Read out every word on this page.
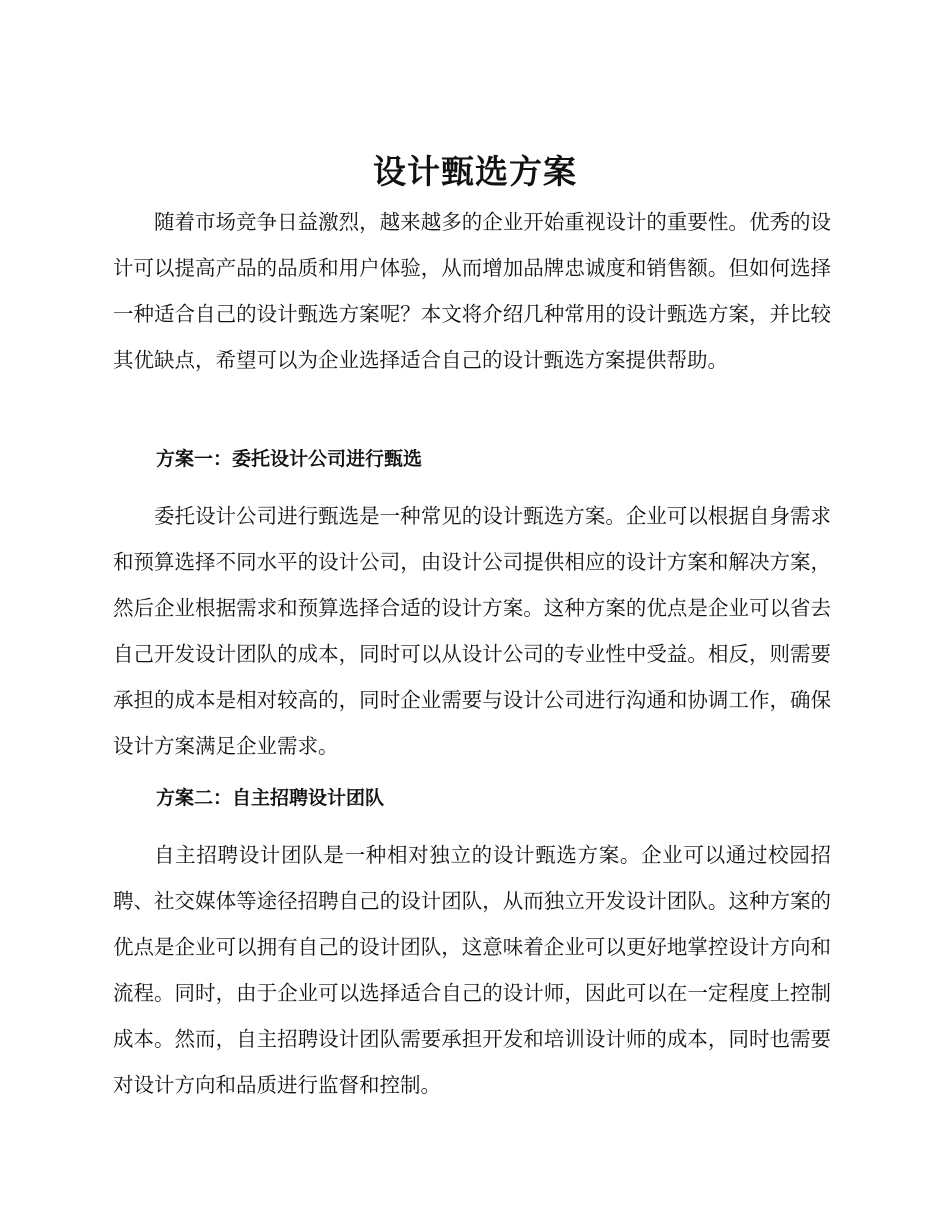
设计甄选方案

随着市场竞争日益激烈，越来越多的企业开始重视设计的重要性。优秀的设计可以提高产品的品质和用户体验，从而增加品牌忠诚度和销售额。但如何选择一种适合自己的设计甄选方案呢？本文将介绍几种常用的设计甄选方案，并比较其优缺点，希望可以为企业选择适合自己的设计甄选方案提供帮助。

方案一：委托设计公司进行甄选

委托设计公司进行甄选是一种常见的设计甄选方案。企业可以根据自身需求和预算选择不同水平的设计公司，由设计公司提供相应的设计方案和解决方案，然后企业根据需求和预算选择合适的设计方案。这种方案的优点是企业可以省去自己开发设计团队的成本，同时可以从设计公司的专业性中受益。相反，则需要承担的成本是相对较高的，同时企业需要与设计公司进行沟通和协调工作，确保设计方案满足企业需求。

方案二：自主招聘设计团队

自主招聘设计团队是一种相对独立的设计甄选方案。企业可以通过校园招聘、社交媒体等途径招聘自己的设计团队，从而独立开发设计团队。这种方案的优点是企业可以拥有自己的设计团队，这意味着企业可以更好地掌控设计方向和流程。同时，由于企业可以选择适合自己的设计师，因此可以在一定程度上控制成本。然而，自主招聘设计团队需要承担开发和培训设计师的成本，同时也需要对设计方向和品质进行监督和控制。
